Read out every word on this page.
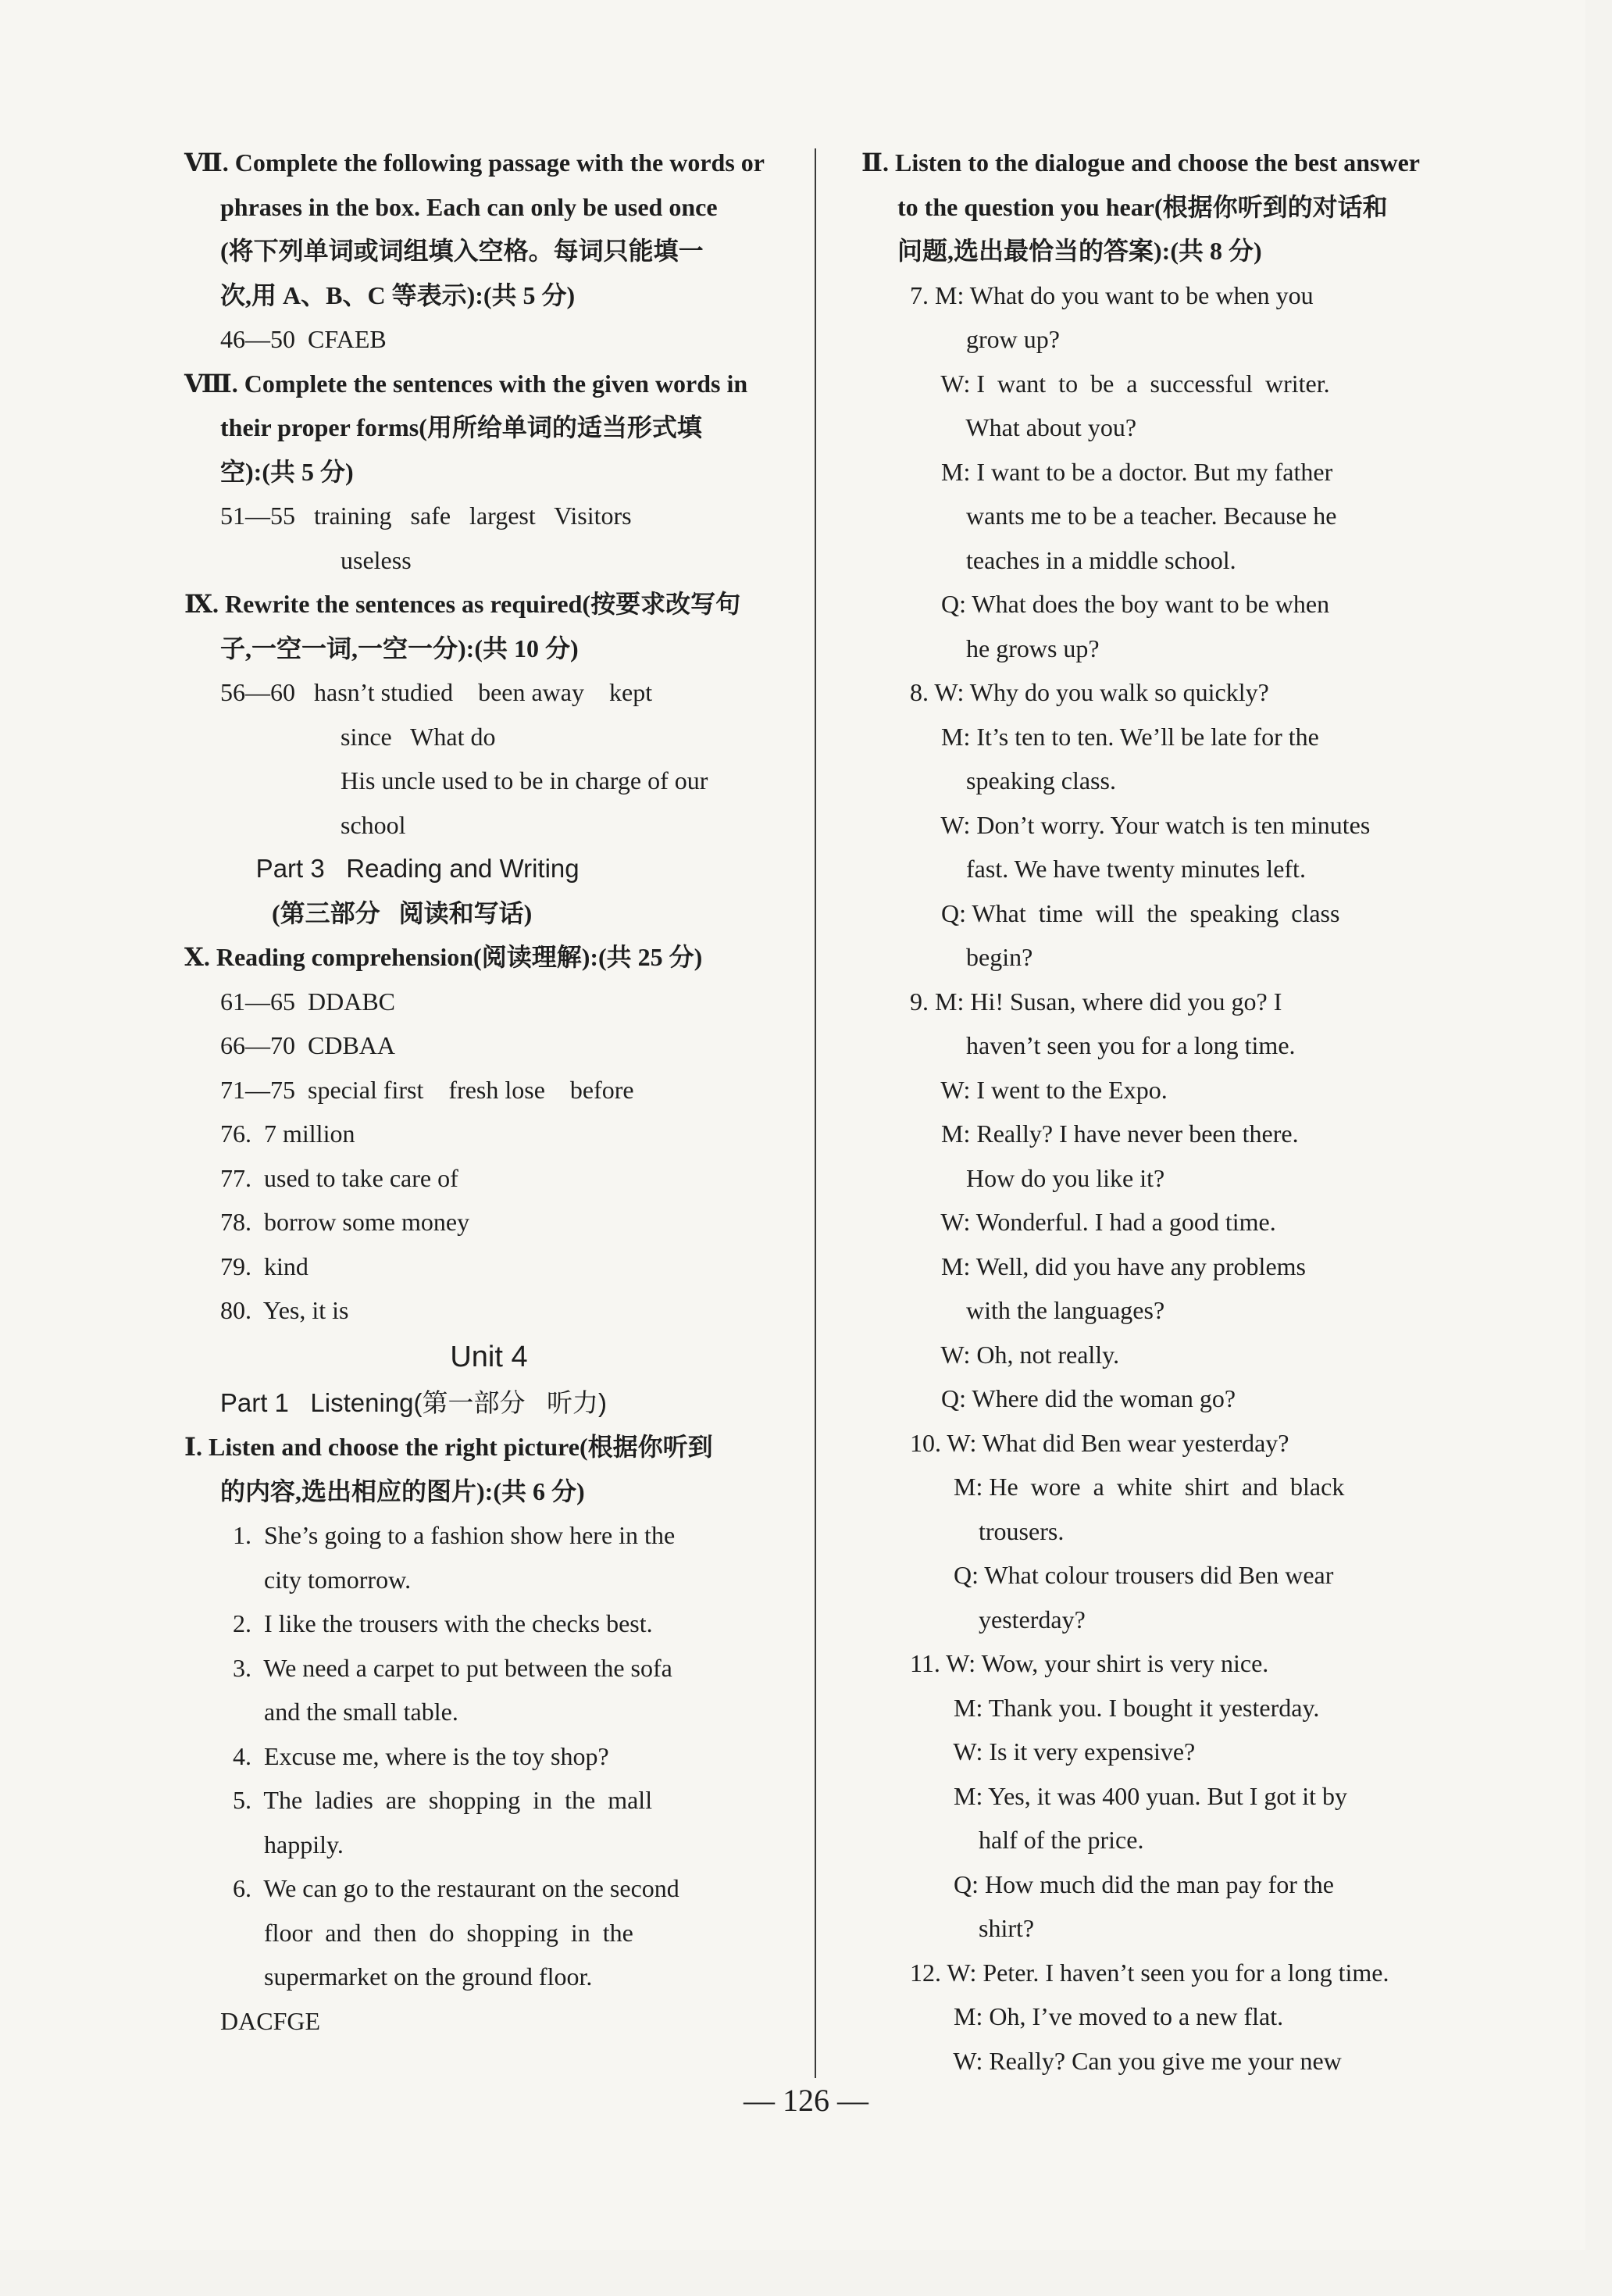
Ⅶ. Complete the following passage with the words or
phrases in the box. Each can only be used once
(将下列单词或词组填入空格。每词只能填一
次,用 A、B、C 等表示):(共 5 分)
46—50  CFAEB
Ⅷ. Complete the sentences with the given words in
their proper forms(用所给单词的适当形式填
空):(共 5 分)
51—55   training   safe   largest   Visitors
useless
Ⅸ. Rewrite the sentences as required(按要求改写句
子,一空一词,一空一分):(共 10 分)
56—60   hasn’t studied    been away    kept
since   What do
His uncle used to be in charge of our
school
Part 3   Reading and Writing
(第三部分   阅读和写话)
Ⅹ. Reading comprehension(阅读理解):(共 25 分)
61—65  DDABC
66—70  CDBAA
71—75  special first    fresh lose    before
76.  7 million
77.  used to take care of
78.  borrow some money
79.  kind
80.  Yes, it is
Unit 4
Part 1   Listening(第一部分   听力)
Ⅰ. Listen and choose the right picture(根据你听到
的内容,选出相应的图片):(共 6 分)
1.  She’s going to a fashion show here in the
city tomorrow.
2.  I like the trousers with the checks best.
3.  We need a carpet to put between the sofa
and the small table.
4.  Excuse me, where is the toy shop?
5.  The  ladies  are  shopping  in  the  mall
happily.
6.  We can go to the restaurant on the second
floor  and  then  do  shopping  in  the
supermarket on the ground floor.
DACFGE
Ⅱ. Listen to the dialogue and choose the best answer
to the question you hear(根据你听到的对话和
问题,选出最恰当的答案):(共 8 分)
7. M: What do you want to be when you
grow up?
W: I  want  to  be  a  successful  writer.
What about you?
M: I want to be a doctor. But my father
wants me to be a teacher. Because he
teaches in a middle school.
Q: What does the boy want to be when
he grows up?
8. W: Why do you walk so quickly?
M: It’s ten to ten. We’ll be late for the
speaking class.
W: Don’t worry. Your watch is ten minutes
fast. We have twenty minutes left.
Q: What  time  will  the  speaking  class
begin?
9. M: Hi! Susan, where did you go? I
haven’t seen you for a long time.
W: I went to the Expo.
M: Really? I have never been there.
How do you like it?
W: Wonderful. I had a good time.
M: Well, did you have any problems
with the languages?
W: Oh, not really.
Q: Where did the woman go?
10. W: What did Ben wear yesterday?
M: He  wore  a  white  shirt  and  black
trousers.
Q: What colour trousers did Ben wear
yesterday?
11. W: Wow, your shirt is very nice.
M: Thank you. I bought it yesterday.
W: Is it very expensive?
M: Yes, it was 400 yuan. But I got it by
half of the price.
Q: How much did the man pay for the
shirt?
12. W: Peter. I haven’t seen you for a long time.
M: Oh, I’ve moved to a new flat.
W: Really? Can you give me your new
— 126 —
